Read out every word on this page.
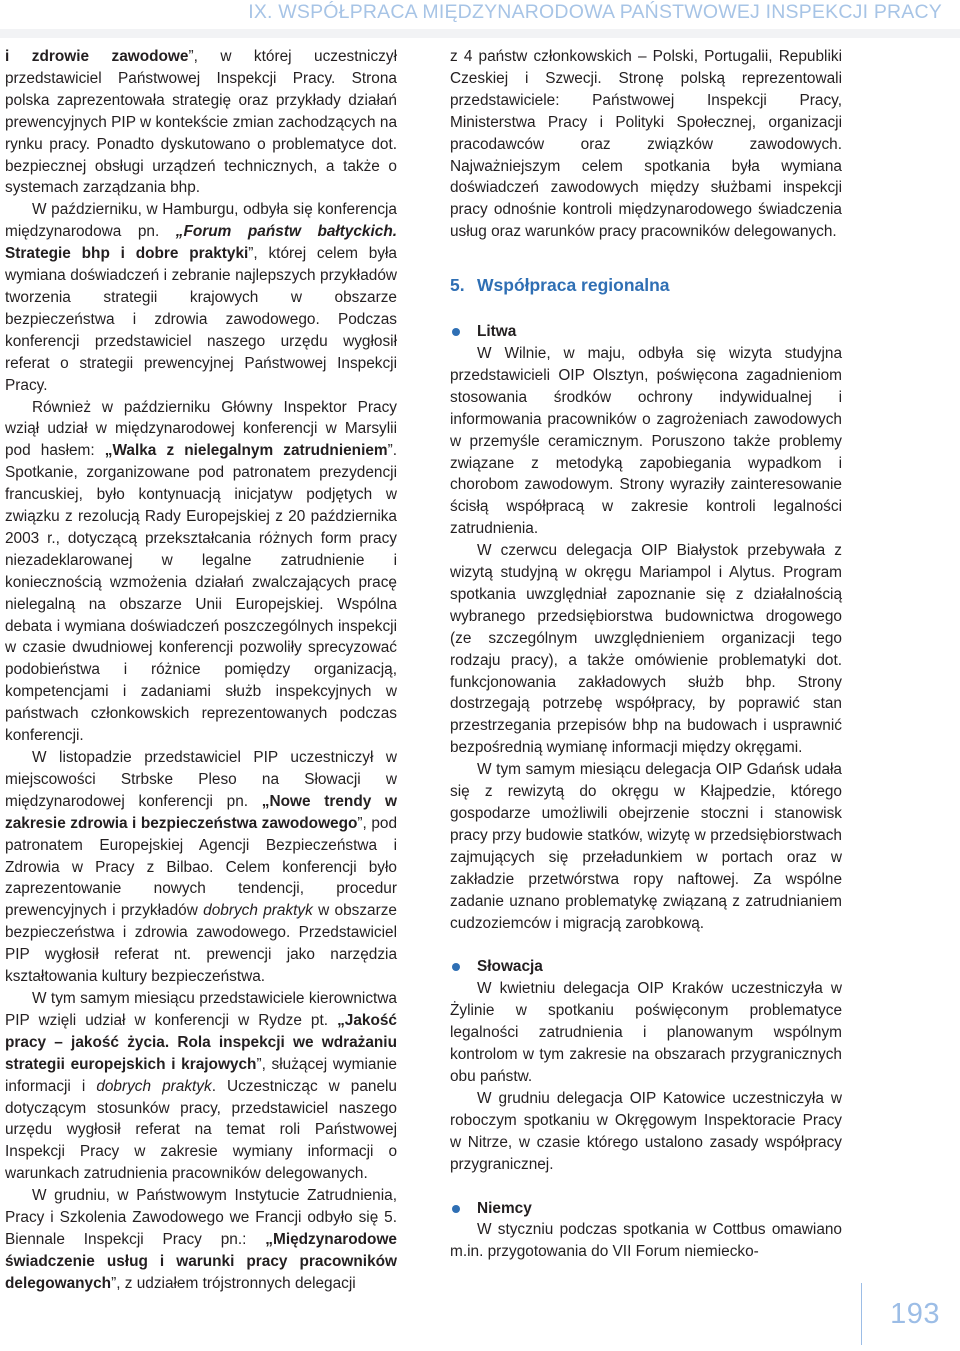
IX. WSPÓŁPRACA MIĘDZYNARODOWA PAŃSTWOWEJ INSPEKCJI PRACY

i zdrowie zawodowe”, w której uczestniczył przedstawiciel Państwowej Inspekcji Pracy. Strona polska zaprezentowała strategię oraz przykłady działań prewencyjnych PIP w kontekście zmian zachodzących na rynku pracy. Ponadto dyskutowano o problematyce dot. bezpiecznej obsługi urządzeń technicznych, a także o systemach zarządzania bhp.

W październiku, w Hamburgu, odbyła się konferencja międzynarodowa pn. „Forum państw bałtyckich. Strategie bhp i dobre praktyki”, której celem była wymiana doświadczeń i zebranie najlepszych przykładów tworzenia strategii krajowych w obszarze bezpieczeństwa i zdrowia zawodowego. Podczas konferencji przedstawiciel naszego urzędu wygłosił referat o strategii prewencyjnej Państwowej Inspekcji Pracy.

Również w październiku Główny Inspektor Pracy wziął udział w międzynarodowej konferencji w Marsylii pod hasłem: „Walka z nielegalnym zatrudnieniem”. Spotkanie, zorganizowane pod patronatem prezydencji francuskiej, było kontynuacją inicjatyw podjętych w związku z rezolucją Rady Europejskiej z 20 października 2003 r., dotyczącą przekształcania różnych form pracy niezadeklarowanej w legalne zatrudnienie i koniecznością wzmożenia działań zwalczających pracę nielegalną na obszarze Unii Europejskiej. Wspólna debata i wymiana doświadczeń poszczególnych inspekcji w czasie dwudniowej konferencji pozwoliły sprecyzować podobieństwa i różnice pomiędzy organizacją, kompetencjami i zadaniami służb inspekcyjnych w państwach członkowskich reprezentowanych podczas konferencji.

W listopadzie przedstawiciel PIP uczestniczył w miejscowości Strbske Pleso na Słowacji w międzynarodowej konferencji pn. „Nowe trendy w zakresie zdrowia i bezpieczeństwa zawodowego”, pod patronatem Europejskiej Agencji Bezpieczeństwa i Zdrowia w Pracy z Bilbao. Celem konferencji było zaprezentowanie nowych tendencji, procedur prewencyjnych i przykładów dobrych praktyk w obszarze bezpieczeństwa i zdrowia zawodowego. Przedstawiciel PIP wygłosił referat nt. prewencji jako narzędzia kształtowania kultury bezpieczeństwa.

W tym samym miesiącu przedstawiciele kierownictwa PIP wzięli udział w konferencji w Rydze pt. „Jakość pracy – jakość życia. Rola inspekcji we wdrażaniu strategii europejskich i krajowych”, służącej wymianie informacji i dobrych praktyk. Uczestnicząc w panelu dotyczącym stosunków pracy, przedstawiciel naszego urzędu wygłosił referat na temat roli Państwowej Inspekcji Pracy w zakresie wymiany informacji o warunkach zatrudnienia pracowników delegowanych.

W grudniu, w Państwowym Instytucie Zatrudnienia, Pracy i Szkolenia Zawodowego we Francji odbyło się 5. Biennale Inspekcji Pracy pn.: „Międzynarodowe świadczenie usług i warunki pracy pracowników delegowanych”, z udziałem trójstronnych delegacji

z 4 państw członkowskich – Polski, Portugalii, Republiki Czeskiej i Szwecji. Stronę polską reprezentowali przedstawiciele: Państwowej Inspekcji Pracy, Ministerstwa Pracy i Polityki Społecznej, organizacji pracodawców oraz związków zawodowych. Najważniejszym celem spotkania była wymiana doświadczeń zawodowych między służbami inspekcji pracy odnośnie kontroli międzynarodowego świadczenia usług oraz warunków pracy pracowników delegowanych.

5. Współpraca regionalna

Litwa

W Wilnie, w maju, odbyła się wizyta studyjna przedstawicieli OIP Olsztyn, poświęcona zagadnieniom stosowania środków ochrony indywidualnej i informowania pracowników o zagrożeniach zawodowych w przemyśle ceramicznym. Poruszono także problemy związane z metodyką zapobiegania wypadkom i chorobom zawodowym. Strony wyraziły zainteresowanie ścisłą współpracą w zakresie kontroli legalności zatrudnienia.

W czerwcu delegacja OIP Białystok przebywała z wizytą studyjną w okręgu Mariampol i Alytus. Program spotkania uwzględniał zapoznanie się z działalnością wybranego przedsiębiorstwa budownictwa drogowego (ze szczególnym uwzględnieniem organizacji tego rodzaju pracy), a także omówienie problematyki dot. funkcjonowania zakładowych służb bhp. Strony dostrzegają potrzebę współpracy, by poprawić stan przestrzegania przepisów bhp na budowach i usprawnić bezpośrednią wymianę informacji między okręgami.

W tym samym miesiącu delegacja OIP Gdańsk udała się z rewizytą do okręgu w Kłajpedzie, którego gospodarze umożliwili obejrzenie stoczni i stanowisk pracy przy budowie statków, wizytę w przedsiębiorstwach zajmujących się przeładunkiem w portach oraz w zakładzie przetwórstwa ropy naftowej. Za wspólne zadanie uznano problematykę związaną z zatrudnianiem cudzoziemców i migracją zarobkową.

Słowacja

W kwietniu delegacja OIP Kraków uczestniczyła w Żylinie w spotkaniu poświęconym problematyce legalności zatrudnienia i planowanym wspólnym kontrolom w tym zakresie na obszarach przygranicznych obu państw.

W grudniu delegacja OIP Katowice uczestniczyła w roboczym spotkaniu w Okręgowym Inspektoracie Pracy w Nitrze, w czasie którego ustalono zasady współpracy przygranicznej.

Niemcy

W styczniu podczas spotkania w Cottbus omawiano m.in. przygotowania do VII Forum niemiecko-

193
